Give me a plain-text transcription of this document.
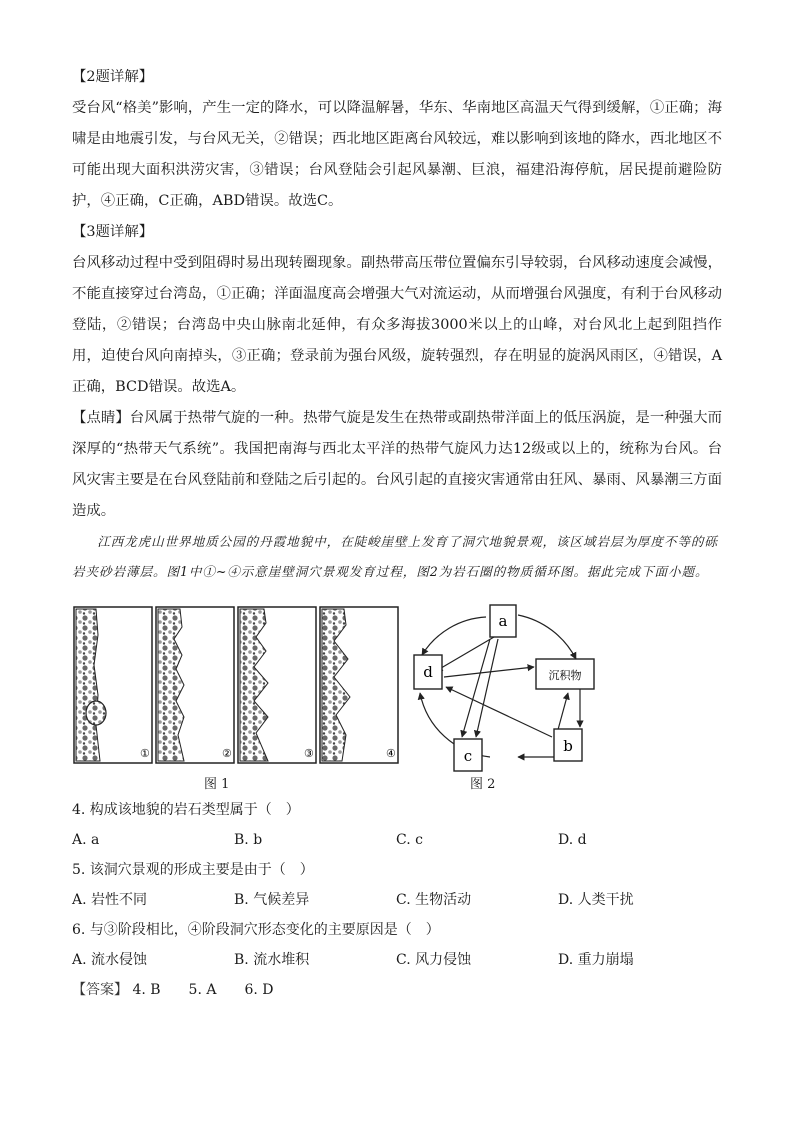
【2题详解】

受台风“格美”影响，产生一定的降水，可以降温解暑，华东、华南地区高温天气得到缓解，①正确；海啸是由地震引发，与台风无关，②错误；西北地区距离台风较远，难以影响到该地的降水，西北地区不可能出现大面积洪涝灾害，③错误；台风登陆会引起风暴潮、巨浪，福建沿海停航，居民提前避险防护，④正确，C正确，ABD错误。故选C。

【3题详解】

台风移动过程中受到阻碍时易出现转圈现象。副热带高压带位置偏东引导较弱，台风移动速度会减慢，不能直接穿过台湾岛，①正确；洋面温度高会增强大气对流运动，从而增强台风强度，有利于台风移动登陆，②错误；台湾岛中央山脉南北延伸，有众多海拔3000米以上的山峰，对台风北上起到阻挡作用，迫使台风向南掉头，③正确；登录前为强台风级，旋转强烈，存在明显的旋涡风雨区，④错误，A正确，BCD错误。故选A。

【点睛】台风属于热带气旋的一种。热带气旋是发生在热带或副热带洋面上的低压涡旋，是一种强大而深厚的“热带天气系统”。我国把南海与西北太平洋的热带气旋风力达12级或以上的，统称为台风。台风灾害主要是在台风登陆前和登陆之后引起的。台风引起的直接灾害通常由狂风、暴雨、风暴潮三方面造成。

江西龙虎山世界地质公园的丹霞地貌中，在陡峻崖壁上发育了洞穴地貌景观，该区域岩层为厚度不等的砾岩夹砂岩薄层。图1中①~④示意崖壁洞穴景观发育过程，图2为岩石圈的物质循环图。据此完成下面小题。

①	②	③	④
a
d	沉积物
c
b
图 1	图 2

4. 构成该地貌的岩石类型属于（　）

A. a	B. b	C. c	D. d

5. 该洞穴景观的形成主要是由于（　）

A. 岩性不同	B. 气候差异	C. 生物活动	D. 人类干扰

6. 与③阶段相比，④阶段洞穴形态变化的主要原因是（　）

A. 流水侵蚀	B. 流水堆积	C. 风力侵蚀	D. 重力崩塌

【答案】 4. B　　5. A　　6. D
